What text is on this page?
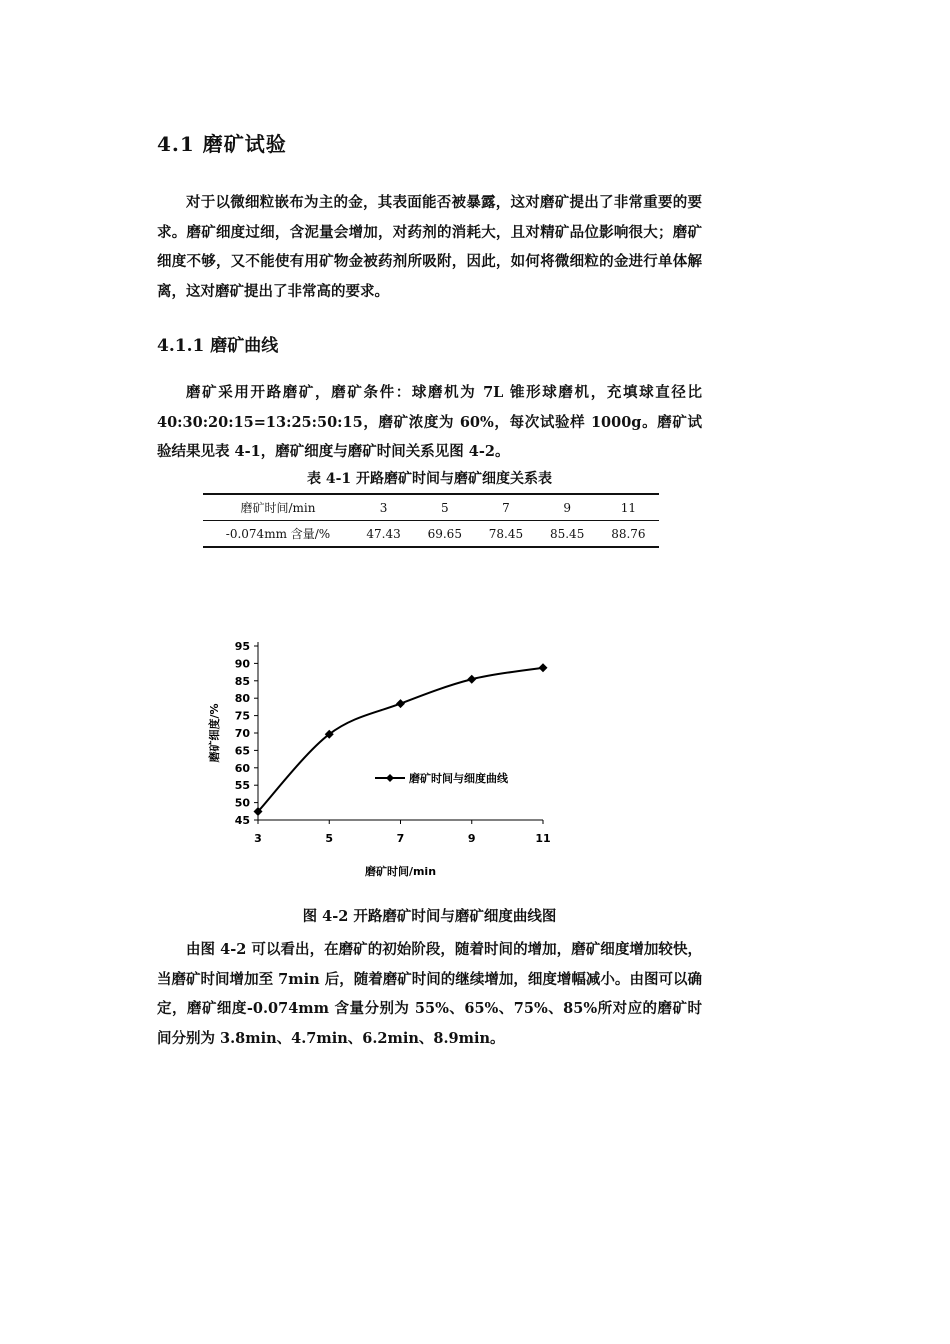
4.1 磨矿试验

对于以微细粒嵌布为主的金，其表面能否被暴露，这对磨矿提出了非常重要的要求。磨矿细度过细，含泥量会增加，对药剂的消耗大，且对精矿品位影响很大；磨矿细度不够，又不能使有用矿物金被药剂所吸附，因此，如何将微细粒的金进行单体解离，这对磨矿提出了非常高的要求。

4.1.1 磨矿曲线

磨矿采用开路磨矿，磨矿条件：球磨机为 7L 锥形球磨机，充填球直径比 40:30:20:15=13:25:50:15，磨矿浓度为 60%，每次试验样 1000g。磨矿试验结果见表 4-1，磨矿细度与磨矿时间关系见图 4-2。

表 4-1 开路磨矿时间与磨矿细度关系表

磨矿时间/min	3	5	7	9	11
-0.074mm 含量/%	47.43	69.65	78.45	85.45	88.76
45
50
55
60
65
70
75
80
85
90
95
3	5	7	9	11
磨矿时间/min
磨矿细度/%
磨矿时间与细度曲线

图 4-2 开路磨矿时间与磨矿细度曲线图

由图 4-2 可以看出，在磨矿的初始阶段，随着时间的增加，磨矿细度增加较快，当磨矿时间增加至 7min 后，随着磨矿时间的继续增加，细度增幅减小。由图可以确定，磨矿细度-0.074mm 含量分别为 55%、65%、75%、85%所对应的磨矿时间分别为 3.8min、4.7min、6.2min、8.9min。
